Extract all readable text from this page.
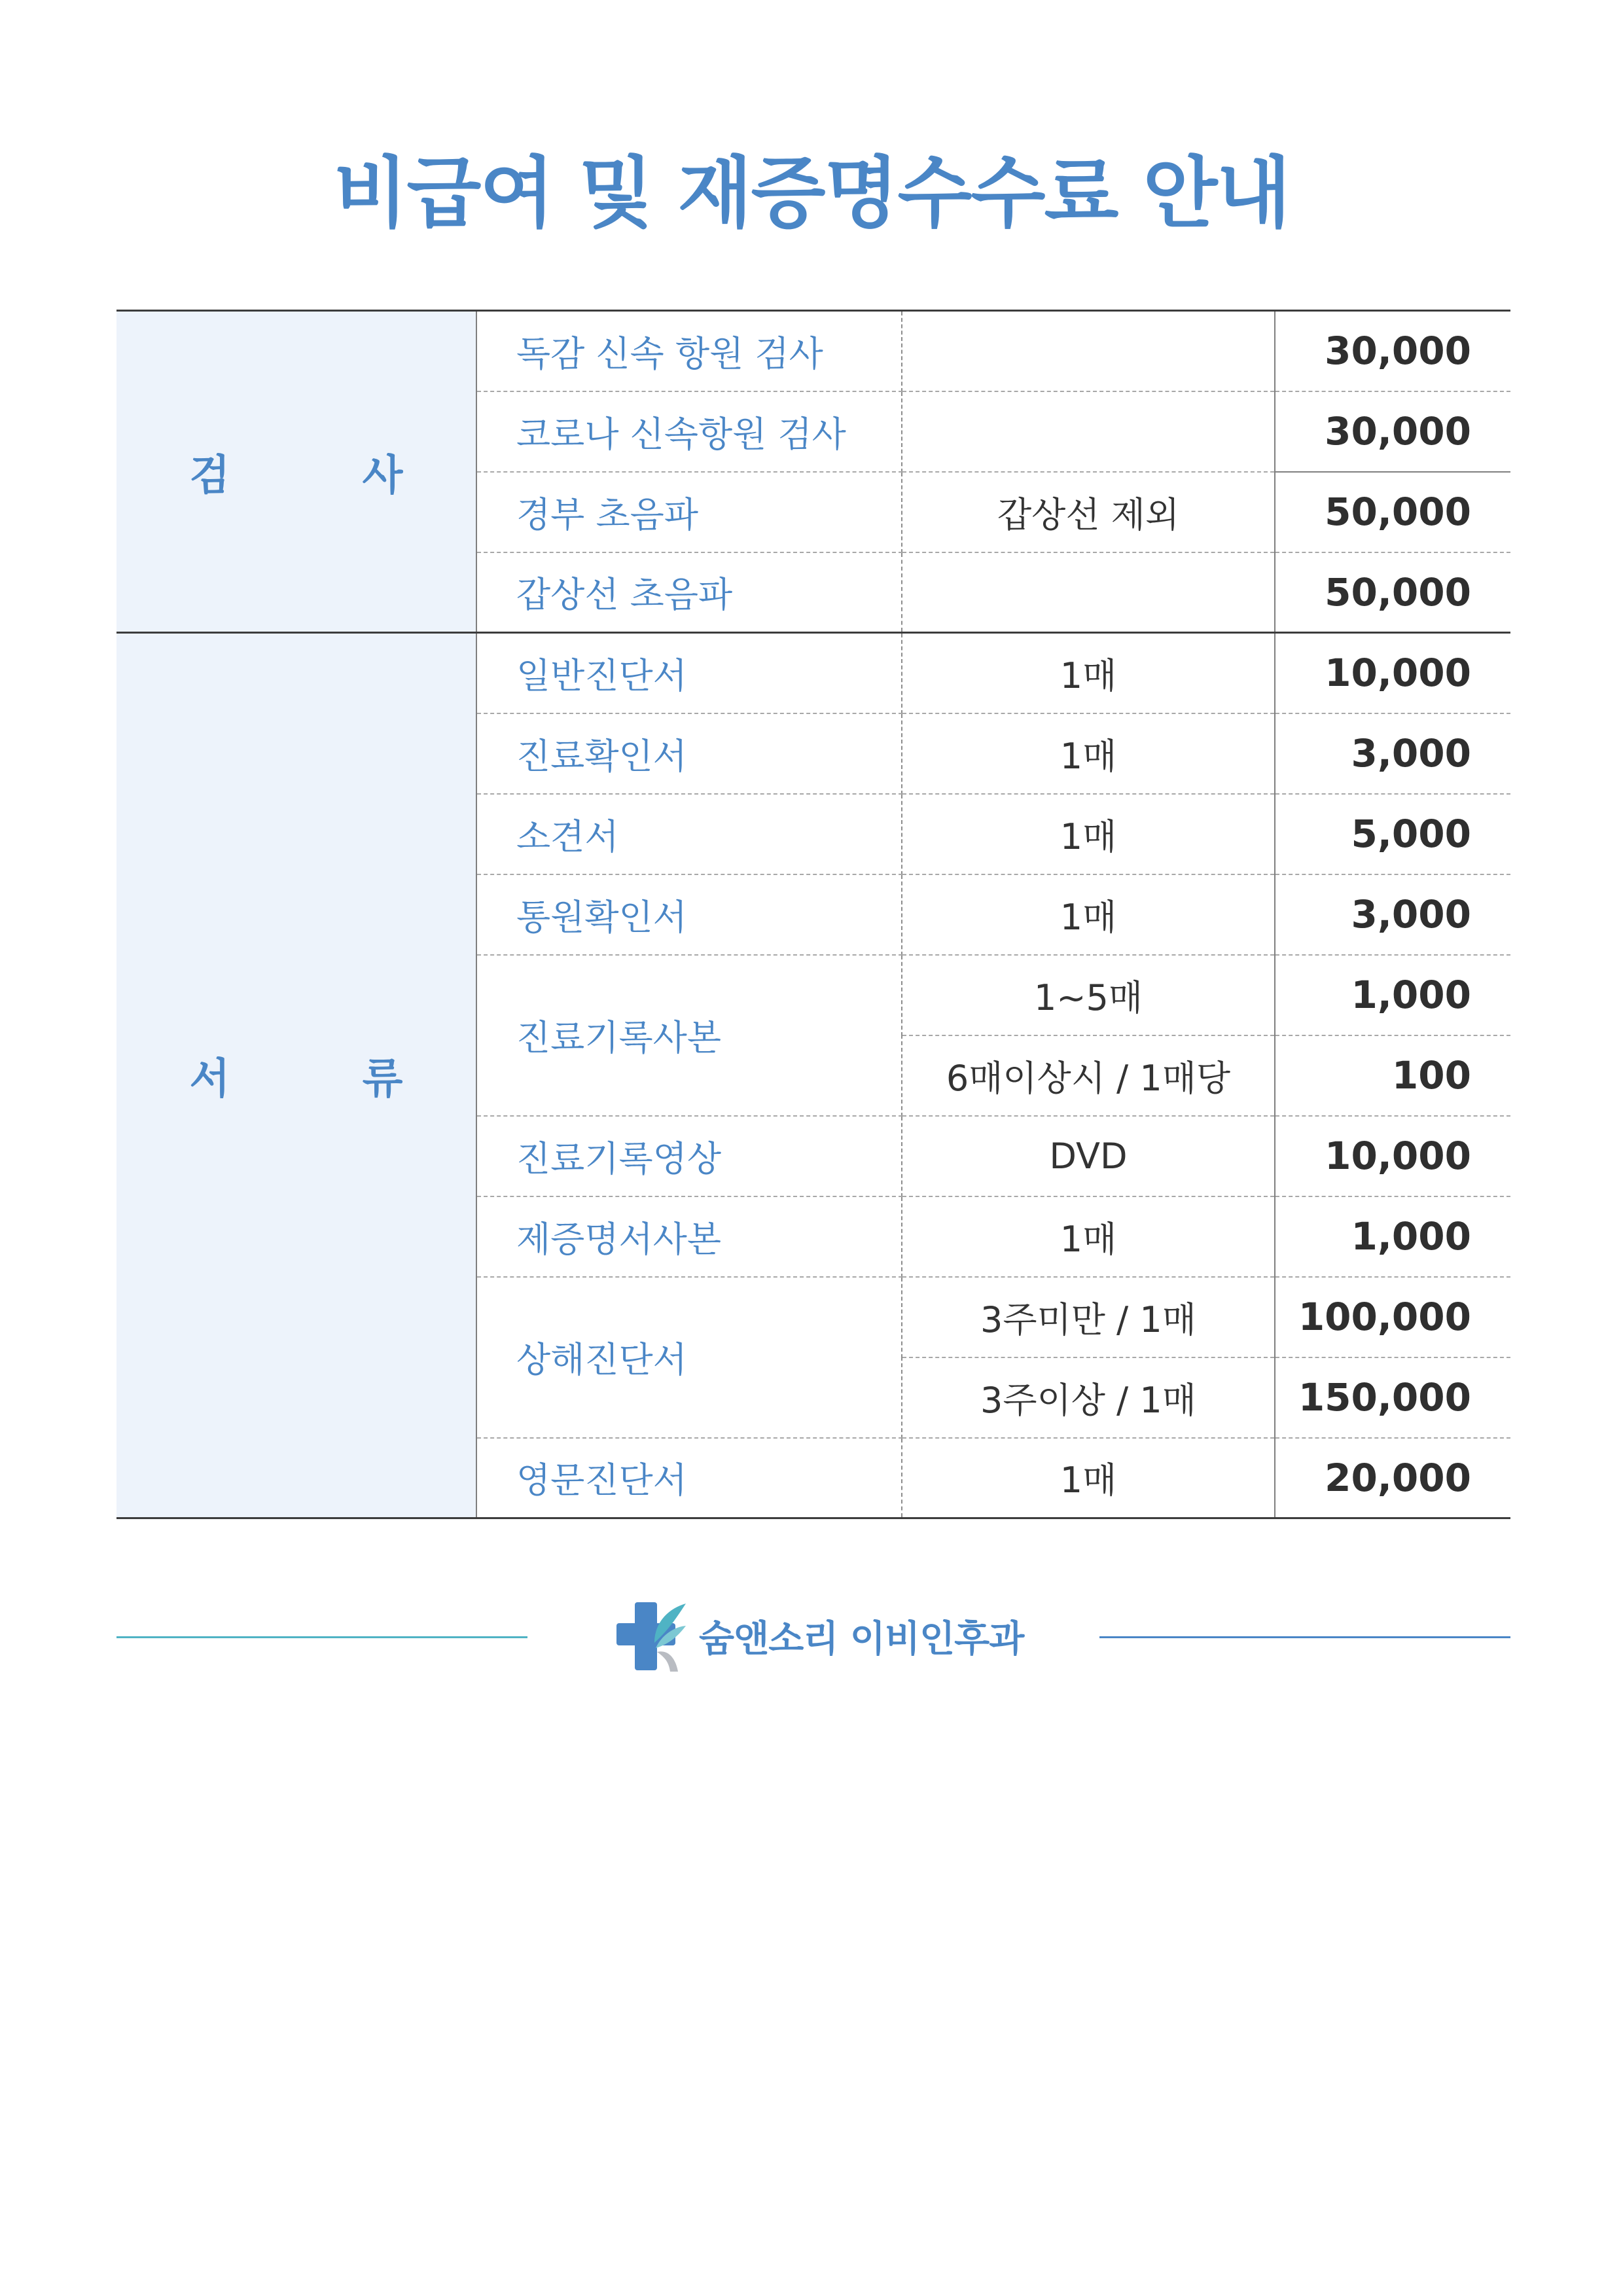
비급여 및 재증명수수료 안내
검 사	독감 신속 항원 검사		30,000
	코로나 신속항원 검사		30,000
	경부 초음파	갑상선 제외	50,000
	갑상선 초음파		50,000
서 류	일반진단서	1매	10,000
	진료확인서	1매	3,000
	소견서	1매	5,000
	통원확인서	1매	3,000
	진료기록사본	1~5매	1,000
		6매이상시 / 1매당	100
	진료기록영상	DVD	10,000
	제증명서사본	1매	1,000
	상해진단서	3주미만 / 1매	100,000
		3주이상 / 1매	150,000
	영문진단서	1매	20,000
숨앤소리 이비인후과
